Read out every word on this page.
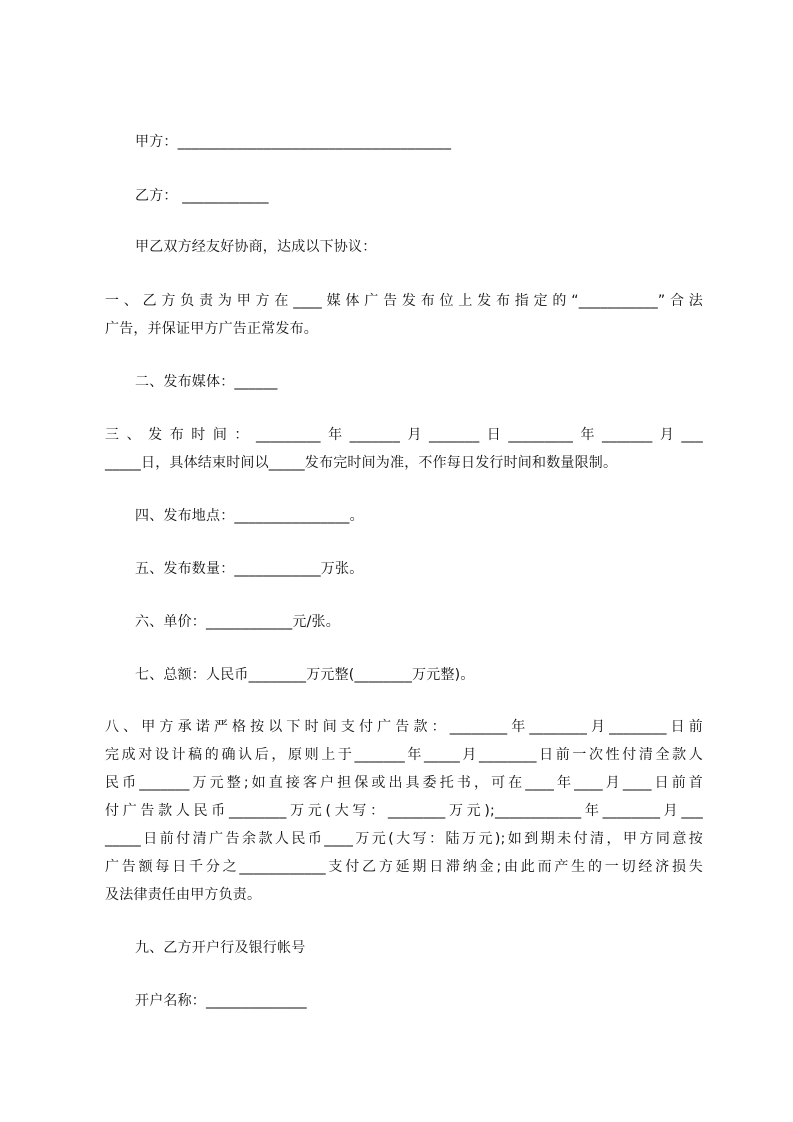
甲方：______________________________________
乙方： ____________
甲乙双方经友好协商，达成以下协议：
一、乙方负责为甲方在____媒体广告发布位上发布指定的“___________”合法
广告，并保证甲方广告正常发布。
二、发布媒体：______
三、发布时间：_________年_______月_______日_________年_______月___
_____日，具体结束时间以_____发布完时间为准，不作每日发行时间和数量限制。
四、发布地点：________________。
五、发布数量：____________万张。
六、单价：____________元/张。
七、总额：人民币________万元整(________万元整)。
八、甲方承诺严格按以下时间支付广告款：________年________月________日前
完成对设计稿的确认后，原则上于_______年_____月________日前一次性付清全款人
民币_______万元整;如直接客户担保或出具委托书，可在____年____月____日前首
付广告款人民币________万元(大写：________万元);____________年________月___
_____日前付清广告余款人民币____万元(大写：陆万元);如到期未付清，甲方同意按
广告额每日千分之____________支付乙方延期日滞纳金;由此而产生的一切经济损失
及法律责任由甲方负责。
九、乙方开户行及银行帐号
开户名称：______________
